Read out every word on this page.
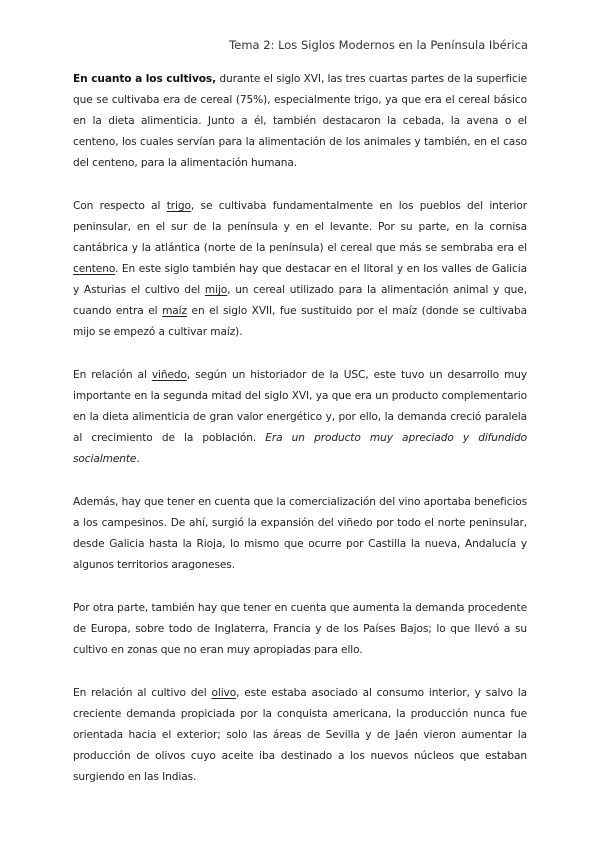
Tema 2: Los Siglos Modernos en la Península Ibérica

En cuanto a los cultivos, durante el siglo XVI, las tres cuartas partes de la superficie que se cultivaba era de cereal (75%), especialmente trigo, ya que era el cereal básico en la dieta alimenticia. Junto a él, también destacaron la cebada, la avena o el centeno, los cuales servían para la alimentación de los animales y también, en el caso del centeno, para la alimentación humana.

Con respecto al trigo, se cultivaba fundamentalmente en los pueblos del interior peninsular, en el sur de la península y en el levante. Por su parte, en la cornisa cantábrica y la atlántica (norte de la península) el cereal que más se sembraba era el centeno. En este siglo también hay que destacar en el litoral y en los valles de Galicia y Asturias el cultivo del mijo, un cereal utilizado para la alimentación animal y que, cuando entra el maíz en el siglo XVII, fue sustituido por el maíz (donde se cultivaba mijo se empezó a cultivar maíz).

En relación al viñedo, según un historiador de la USC, este tuvo un desarrollo muy importante en la segunda mitad del siglo XVI, ya que era un producto complementario en la dieta alimenticia de gran valor energético y, por ello, la demanda creció paralela al crecimiento de la población. Era un producto muy apreciado y difundido socialmente.

Además, hay que tener en cuenta que la comercialización del vino aportaba beneficios a los campesinos. De ahí, surgió la expansión del viñedo por todo el norte peninsular, desde Galicia hasta la Rioja, lo mismo que ocurre por Castilla la nueva, Andalucía y algunos territorios aragoneses.

Por otra parte, también hay que tener en cuenta que aumenta la demanda procedente de Europa, sobre todo de Inglaterra, Francia y de los Países Bajos; lo que llevó a su cultivo en zonas que no eran muy apropiadas para ello.

En relación al cultivo del olivo, este estaba asociado al consumo interior, y salvo la creciente demanda propiciada por la conquista americana, la producción nunca fue orientada hacia el exterior; solo las áreas de Sevilla y de Jaén vieron aumentar la producción de olivos cuyo aceite iba destinado a los nuevos núcleos que estaban surgiendo en las Indias.
